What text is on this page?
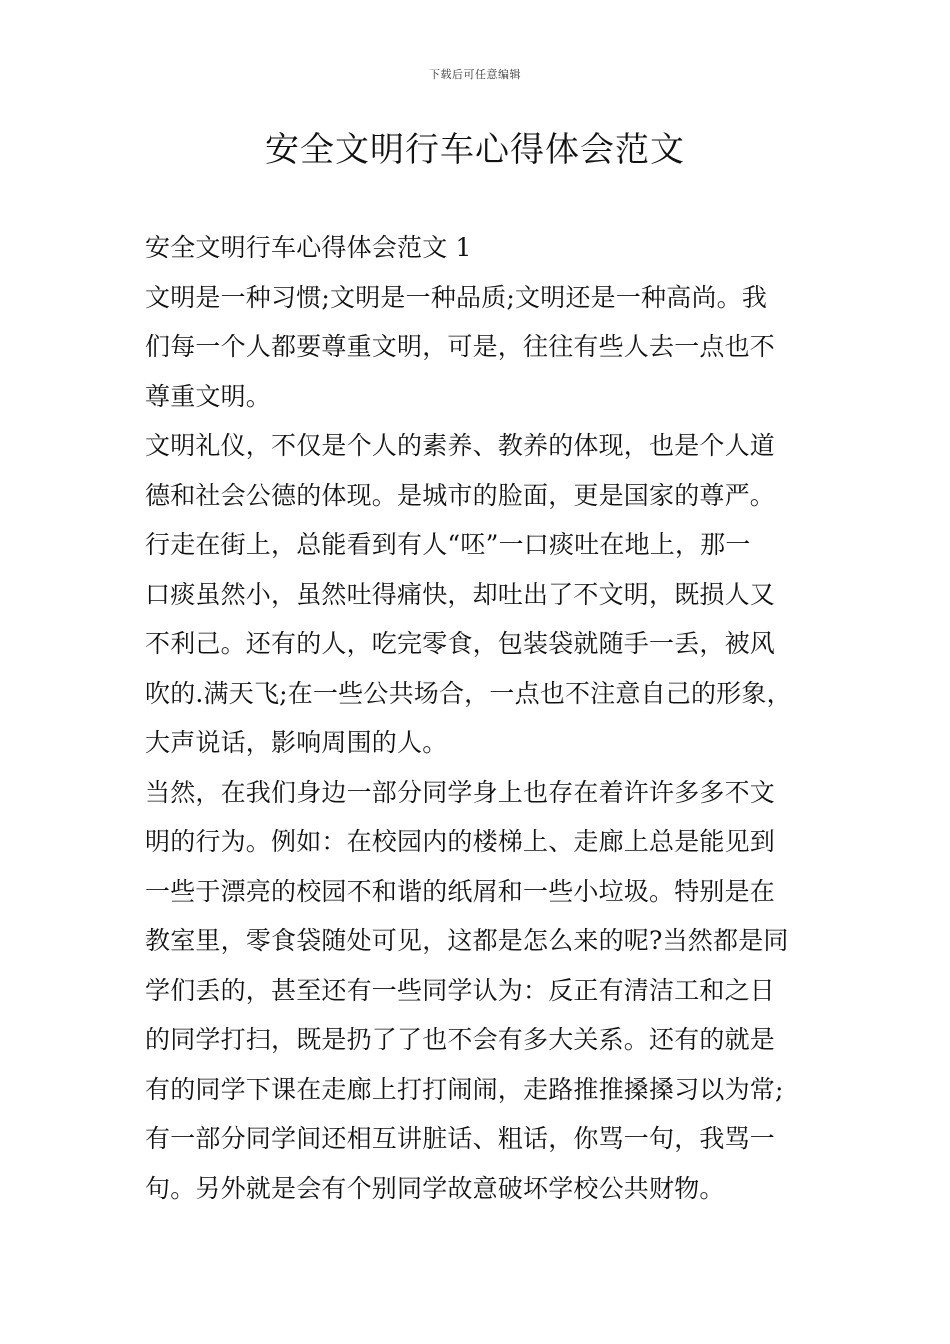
下载后可任意编辑
安全文明行车心得体会范文
安全文明行车心得体会范文 1
文明是一种习惯;文明是一种品质;文明还是一种高尚。我
们每一个人都要尊重文明，可是，往往有些人去一点也不
尊重文明。
文明礼仪，不仅是个人的素养、教养的体现，也是个人道
德和社会公德的体现。是城市的脸面，更是国家的尊严。
行走在街上，总能看到有人“呸”一口痰吐在地上，那一
口痰虽然小，虽然吐得痛快，却吐出了不文明，既损人又
不利己。还有的人，吃完零食，包装袋就随手一丢，被风
吹的.满天飞;在一些公共场合，一点也不注意自己的形象，
大声说话，影响周围的人。
当然，在我们身边一部分同学身上也存在着许许多多不文
明的行为。例如：在校园内的楼梯上、走廊上总是能见到
一些于漂亮的校园不和谐的纸屑和一些小垃圾。特别是在
教室里，零食袋随处可见，这都是怎么来的呢?当然都是同
学们丢的，甚至还有一些同学认为：反正有清洁工和之日
的同学打扫，既是扔了了也不会有多大关系。还有的就是
有的同学下课在走廊上打打闹闹，走路推推搡搡习以为常;
有一部分同学间还相互讲脏话、粗话，你骂一句，我骂一
句。另外就是会有个别同学故意破坏学校公共财物。
